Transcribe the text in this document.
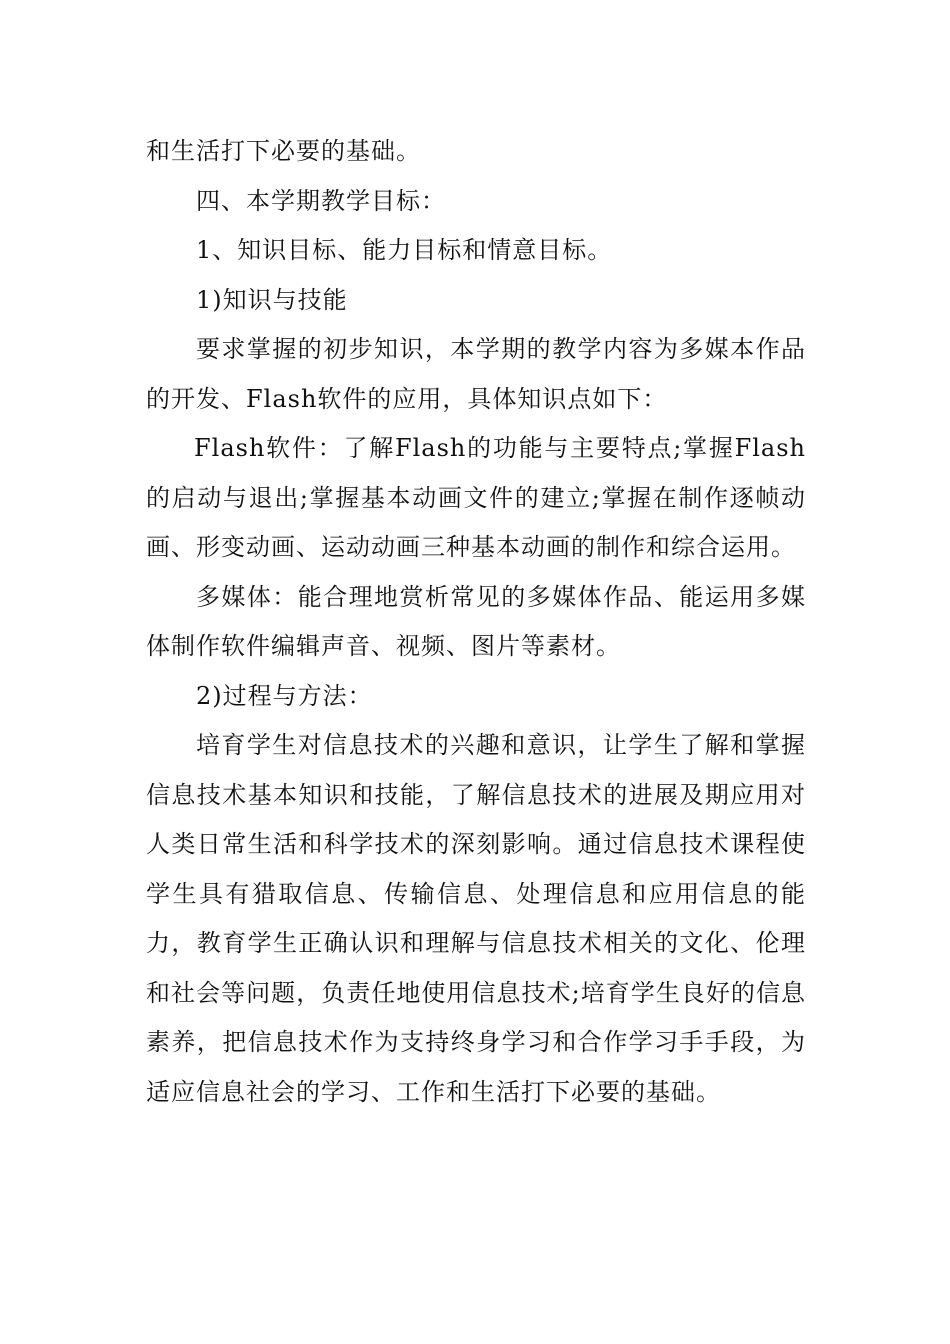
和生活打下必要的基础。

四、本学期教学目标：

1、知识目标、能力目标和情意目标。

1)知识与技能

要求掌握的初步知识，本学期的教学内容为多媒本作品的开发、Flash软件的应用，具体知识点如下：

Flash软件：了解Flash的功能与主要特点;掌握Flash的启动与退出;掌握基本动画文件的建立;掌握在制作逐帧动画、形变动画、运动动画三种基本动画的制作和综合运用。

多媒体：能合理地赏析常见的多媒体作品、能运用多媒体制作软件编辑声音、视频、图片等素材。

2)过程与方法：

培育学生对信息技术的兴趣和意识，让学生了解和掌握信息技术基本知识和技能，了解信息技术的进展及期应用对人类日常生活和科学技术的深刻影响。通过信息技术课程使学生具有猎取信息、传输信息、处理信息和应用信息的能力，教育学生正确认识和理解与信息技术相关的文化、伦理和社会等问题，负责任地使用信息技术;培育学生良好的信息素养，把信息技术作为支持终身学习和合作学习手手段，为适应信息社会的学习、工作和生活打下必要的基础。
